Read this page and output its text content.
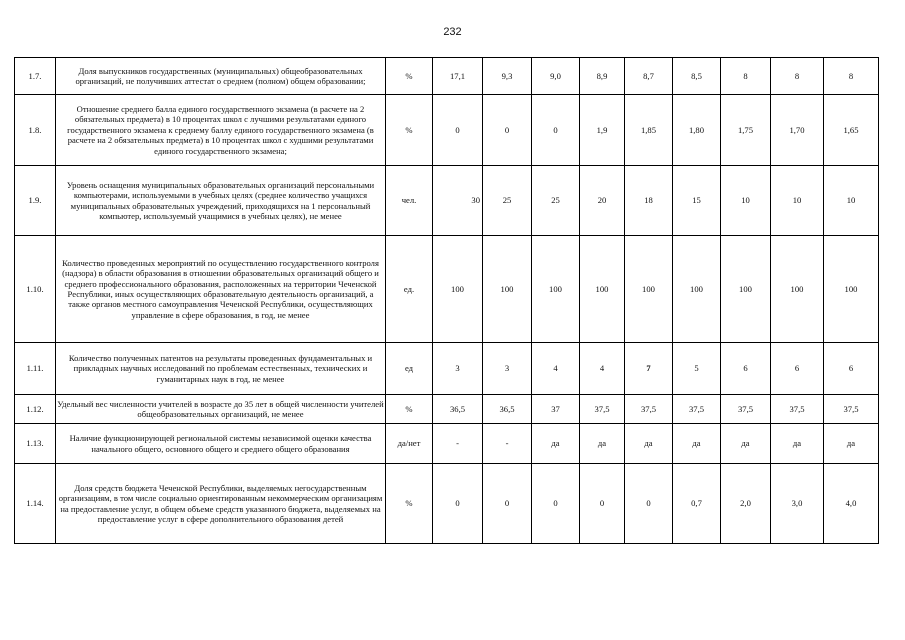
232
1.7.	Доля выпускников государственных (муниципальных) общеобразовательных организаций, не получивших аттестат о среднем (полном) общем образовании;	%	17,1	9,3	9,0	8,9	8,7	8,5	8	8	8
1.8.	Отношение среднего балла единого государственного экзамена (в расчете на 2 обязательных предмета) в 10 процентах школ с лучшими результатами единого государственного экзамена к среднему баллу единого государственного экзамена (в расчете на 2 обязательных предмета) в 10 процентах школ с худшими результатами единого государственного экзамена;	%	0	0	0	1,9	1,85	1,80	1,75	1,70	1,65
1.9.	Уровень оснащения муниципальных образовательных организаций персональными компьютерами, используемыми в учебных целях (среднее количество учащихся муниципальных образовательных учреждений, приходящихся на 1 персональный компьютер, используемый учащимися в учебных целях), не менее	чел.	30	25	25	20	18	15	10	10	10
1.10.	Количество проведенных мероприятий по осуществлению государственного контроля (надзора) в области образования в отношении образовательных организаций общего и среднего профессионального образования, расположенных на территории Чеченской Республики, иных осуществляющих образовательную деятельность организаций, а также органов местного самоуправления Чеченской Республики, осуществляющих управление в сфере образования, в год, не менее	ед.	100	100	100	100	100	100	100	100	100
1.11.	Количество полученных патентов на результаты проведенных фундаментальных и прикладных научных исследований по проблемам естественных, технических и гуманитарных наук в год, не менее	ед	3	3	4	4	7	5	6	6	6
1.12.	Удельный вес численности учителей в возрасте до 35 лет в общей численности учителей общеобразовательных организаций, не менее	%	36,5	36,5	37	37,5	37,5	37,5	37,5	37,5	37,5
1.13.	Наличие функционирующей региональной системы независимой оценки качества начального общего, основного общего и среднего общего образования	да/нет	-	-	да	да	да	да	да	да	да
1.14.	Доля средств бюджета Чеченской Республики, выделяемых негосударственным организациям, в том числе социально ориентированным некоммерческим организациям на предоставление услуг, в общем объеме средств указанного бюджета, выделяемых на предоставление услуг в сфере дополнительного образования детей	%	0	0	0	0	0	0,7	2,0	3,0	4,0
